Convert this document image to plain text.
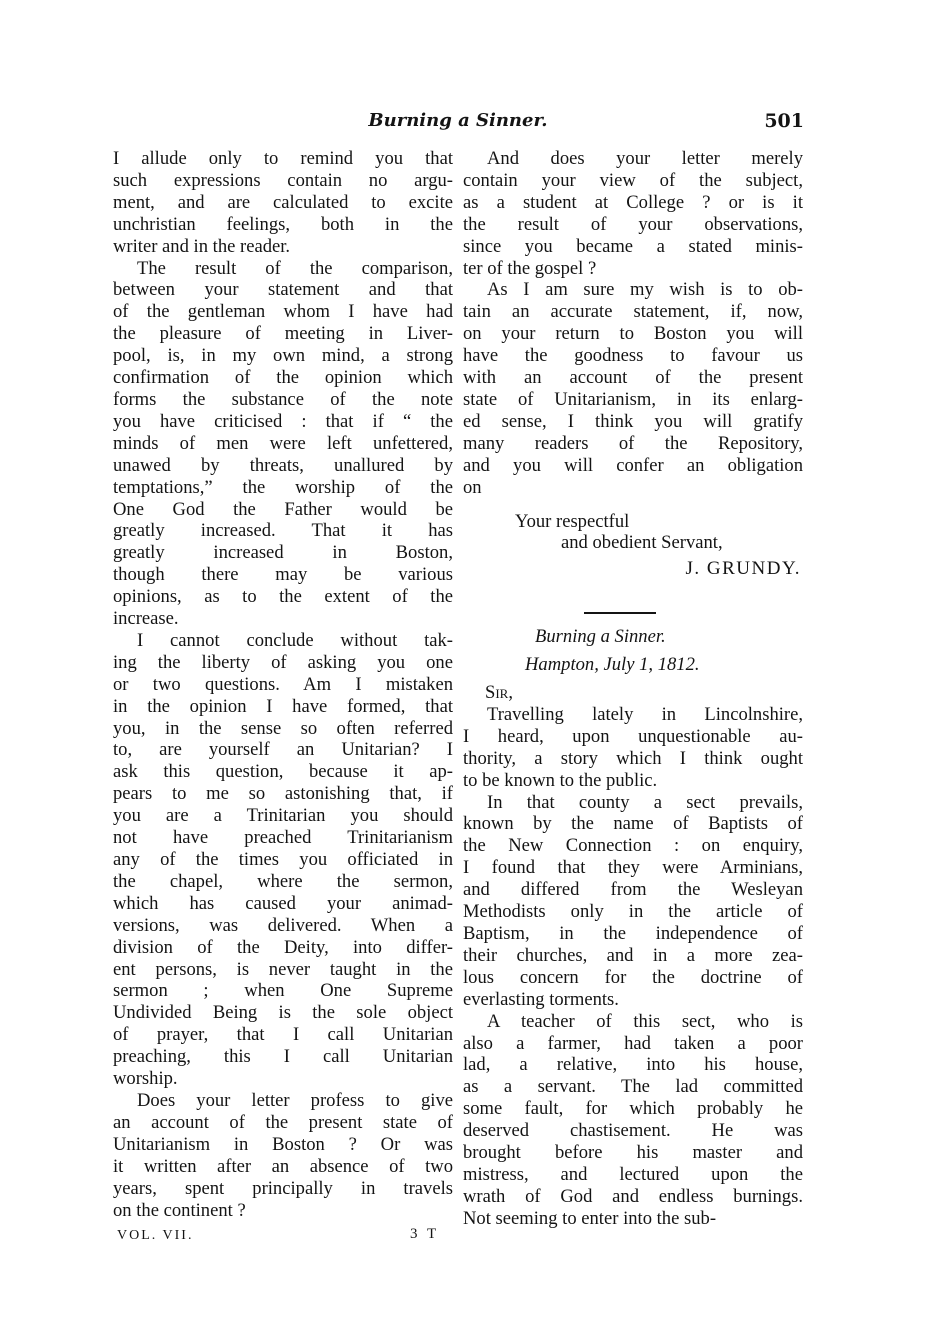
Burning a Sinner.	501

I allude only to remind you that
such expressions contain no argu-
ment, and are calculated to excite
unchristian feelings, both in the
writer and in the reader.

The result of the comparison,
between your statement and that
of the gentleman whom I have had
the pleasure of meeting in Liver-
pool, is, in my own mind, a strong
confirmation of the opinion which
forms the substance of the note
you have criticised : that if “ the
minds of men were left unfettered,
unawed by threats, unallured by
temptations,” the worship of the
One God the Father would be
greatly increased. That it has
greatly increased in Boston,
though there may be various
opinions, as to the extent of the
increase.

I cannot conclude without tak-
ing the liberty of asking you one
or two questions. Am I mistaken
in the opinion I have formed, that
you, in the sense so often referred
to, are yourself an Unitarian? I
ask this question, because it ap-
pears to me so astonishing that, if
you are a Trinitarian you should
not have preached Trinitarianism
any of the times you officiated in
the chapel, where the sermon,
which has caused your animad-
versions, was delivered. When a
division of the Deity, into differ-
ent persons, is never taught in the
sermon ; when One Supreme
Undivided Being is the sole object
of prayer, that I call Unitarian
preaching, this I call Unitarian
worship.

Does your letter profess to give
an account of the present state of
Unitarianism in Boston ? Or was
it written after an absence of two
years, spent principally in travels
on the continent ?

And does your letter merely
contain your view of the subject,
as a student at College ? or is it
the result of your observations,
since you became a stated minis-
ter of the gospel ?

As I am sure my wish is to ob-
tain an accurate statement, if, now,
on your return to Boston you will
have the goodness to favour us
with an account of the present
state of Unitarianism, in its enlarg-
ed sense, I think you will gratify
many readers of the Repository,
and you will confer an obligation
on

Your respectful
and obedient Servant,
J. GRUNDY.
Burning a Sinner.
Hampton, July 1, 1812.
Sir,

Travelling lately in Lincolnshire,
I heard, upon unquestionable au-
thority, a story which I think ought
to be known to the public.

In that county a sect prevails,
known by the name of Baptists of
the New Connection : on enquiry,
I found that they were Arminians,
and differed from the Wesleyan
Methodists only in the article of
Baptism, in the independence of
their churches, and in a more zea-
lous concern for the doctrine of
everlasting torments.

A teacher of this sect, who is
also a farmer, had taken a poor
lad, a relative, into his house,
as a servant. The lad committed
some fault, for which probably he
deserved chastisement. He was
brought before his master and
mistress, and lectured upon the
wrath of God and endless burnings.
Not seeming to enter into the sub-

VOL. VII.	3 T
